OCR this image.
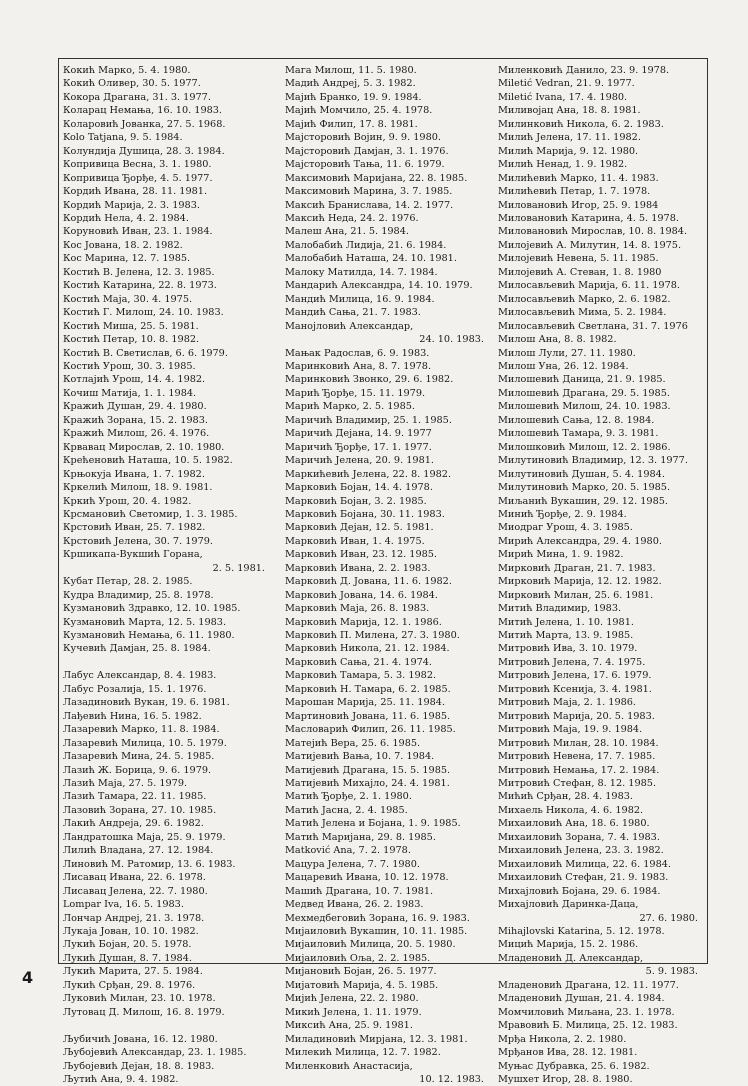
Кокић Марко, 5. 4. 1980.
Кокић Оливер, 30. 5. 1977.
Кокора Драгана, 31. 3. 1977.
Коларац Немања, 16. 10. 1983.
Коларовић Јованка, 27. 5. 1968.
Kolo Tatjana, 9. 5. 1984.
Колундија Душица, 28. 3. 1984.
Копривица Весна, 3. 1. 1980.
Копривица Ђорђе, 4. 5. 1977.
Кордић Ивана, 28. 11. 1981.
Кордић Марија, 2. 3. 1983.
Кордић Нела, 4. 2. 1984.
Коруновић Иван, 23. 1. 1984.
Кос Јована, 18. 2. 1982.
Кос Марина, 12. 7. 1985.
Костић В. Јелена, 12. 3. 1985.
Костић Катарина, 22. 8. 1973.
Костић Маја, 30. 4. 1975.
Костић Г. Милош, 24. 10. 1983.
Костић Миша, 25. 5. 1981.
Костић Петар, 10. 8. 1982.
Костић В. Светислав, 6. 6. 1979.
Костић Урош, 30. 3. 1985.
Котлајић Урош, 14. 4. 1982.
Кочиш Матија, 1. 1. 1984.
Кражић Душан, 29. 4. 1980.
Крaжић Зорана, 15. 2. 1983.
Крaжић Милош, 26. 4. 1976.
Крвавац Мирослав, 2. 10. 1980.
Крећеновић Наташа, 10. 5. 1982.
Крњокуја Ивана, 1. 7. 1982.
Кркелић Милош, 18. 9. 1981.
Кркић Урош, 20. 4. 1982.
Крсмановић Светомир, 1. 3. 1985.
Крстовић Иван, 25. 7. 1982.
Крстовић Јелена, 30. 7. 1979.
Кршикапа-Вукшић Горана,
2. 5. 1981.
Кубат Петар, 28. 2. 1985.
Кудра Владимир, 25. 8. 1978.
Кузмановић Здравко, 12. 10. 1985.
Кузмановић Марта, 12. 5. 1983.
Кузмановић Немања, 6. 11. 1980.
Кучевић Дамјан, 25. 8. 1984.
Лабус Александар, 8. 4. 1983.
Лабус Розалија, 15. 1. 1976.
Лазадиновић Вукан, 19. 6. 1981.
Лађевић Нина, 16. 5. 1982.
Лазаревић Марко, 11. 8. 1984.
Лазаревић Милица, 10. 5. 1979.
Лазаревић Мина, 24. 5. 1985.
Лазић Ж. Борица, 9. 6. 1979.
Лазић Маја, 27. 5. 1979.
Лазић Тамара, 22. 11. 1985.
Лазовић Зорана, 27. 10. 1985.
Лакић Андреја, 29. 6. 1982.
Ландратошка Маја, 25. 9. 1979.
Лилић Владана, 27. 12. 1984.
Линовић М. Ратомир, 13. 6. 1983.
Лисавац Ивана, 22. 6. 1978.
Лисавац Јелена, 22. 7. 1980.
Lompar Iva, 16. 5. 1983.
Лончар Андреј, 21. 3. 1978.
Лукаја Јован, 10. 10. 1982.
Лукић Бојан, 20. 5. 1978.
Лукић Душан, 8. 7. 1984.
Лукић Марита, 27. 5. 1984.
Лукић Срђан, 29. 8. 1976.
Луковић Милан, 23. 10. 1978.
Лутовац Д. Милош, 16. 8. 1979.
Љубичић Јована, 16. 12. 1980.
Љубојевић Александар, 23. 1. 1985.
Љубојевић Дејан, 18. 8. 1983.
Љутић Ана, 9. 4. 1982.
Мага Милош, 11. 5. 1980.
Мадић Андреј, 5. 3. 1982.
Мајић Бранко, 19. 9. 1984.
Мајић Момчило, 25. 4. 1978.
Мајић Филип, 17. 8. 1981.
Мајсторовић Војин, 9. 9. 1980.
Мајсторовић Дамјан, 3. 1. 1976.
Мајсторовић Тања, 11. 6. 1979.
Максимовић Маријана, 22. 8. 1985.
Максимовић Марина, 3. 7. 1985.
Максић Бранислава, 14. 2. 1977.
Максић Неда, 24. 2. 1976.
Малеш Ана, 21. 5. 1984.
Малобабић Лидија, 21. 6. 1984.
Малобабић Наташа, 24. 10. 1981.
Малоку Матилда, 14. 7. 1984.
Мандарић Александра, 14. 10. 1979.
Мандић Милица, 16. 9. 1984.
Мандић Сања, 21. 7. 1983.
Манојловић Александар,
24. 10. 1983.
Мањак Радослав, 6. 9. 1983.
Маринковић Ана, 8. 7. 1978.
Маринковић Звонко, 29. 6. 1982.
Марић Ђорђе, 15. 11. 1979.
Марић Марко, 2. 5. 1985.
Маричић Владимир, 25. 1. 1985.
Маричић Дејана, 14. 9. 1977
Маричић Ђорђе, 17. 1. 1977.
Маричић Јелена, 20. 9. 1981.
Маркићевић Јелена, 22. 8. 1982.
Марковић Бојан, 14. 4. 1978.
Марковић Бојан, 3. 2. 1985.
Марковић Бојана, 30. 11. 1983.
Марковић Дејан, 12. 5. 1981.
Марковић Иван, 1. 4. 1975.
Марковић Иван, 23. 12. 1985.
Марковић Ивана, 2. 2. 1983.
Марковић Д. Јована, 11. 6. 1982.
Марковић Јована, 14. 6. 1984.
Марковић Маја, 26. 8. 1983.
Марковић Марија, 12. 1. 1986.
Марковић П. Милена, 27. 3. 1980.
Марковић Никола, 21. 12. 1984.
Марковић Сања, 21. 4. 1974.
Марковић Тамара, 5. 3. 1982.
Марковић Н. Тамара, 6. 2. 1985.
Марошан Марија, 25. 11. 1984.
Мартиновић Јована, 11. 6. 1985.
Масловарић Филип, 26. 11. 1985.
Матејић Вера, 25. 6. 1985.
Матијевић Вања, 10. 7. 1984.
Матијевић Драгана, 15. 5. 1985.
Матијевић Михајло, 24. 4. 1981.
Матић Ђорђе, 2. 1. 1980.
Матић Јасна, 2. 4. 1985.
Матић Јелена и Бојана, 1. 9. 1985.
Матић Маријана, 29. 8. 1985.
Matković Ana, 7. 2. 1978.
Мацура Јелена, 7. 7. 1980.
Мацаревић Ивана, 10. 12. 1978.
Машић Драгана, 10. 7. 1981.
Медвед Ивана, 26. 2. 1983.
Мехмедбеговић Зорана, 16. 9. 1983.
Мијаиловић Вукашин, 10. 11. 1985.
Мијаиловић Милица, 20. 5. 1980.
Мијаиловић Оља, 2. 2. 1985.
Мијановић Бојан, 26. 5. 1977.
Мијатовић Марија, 4. 5. 1985.
Мијић Јелена, 22. 2. 1980.
Микић Јелена, 1. 11. 1979.
Миксић Ана, 25. 9. 1981.
Миладиновић Мирјана, 12. 3. 1981.
Милекић Милица, 12. 7. 1982.
Миленковић Анастасија,
10. 12. 1983.
Миленковић Данило, 23. 9. 1978.
Miletić Vedran, 21. 9. 1977.
Miletić Ivana, 17. 4. 1980.
Миливојац Ана, 18. 8. 1981.
Милинковић Никола, 6. 2. 1983.
Милић Јелена, 17. 11. 1982.
Милић Марија, 9. 12. 1980.
Милић Ненад, 1. 9. 1982.
Милићевић Марко, 11. 4. 1983.
Милићевић Петар, 1. 7. 1978.
Милованoвић Игор, 25. 9. 1984
Миловановић Катарина, 4. 5. 1978.
Миловановић Мирослав, 10. 8. 1984.
Милојевић А. Милутин, 14. 8. 1975.
Милојевић Невена, 5. 11. 1985.
Милојевић А. Стеван, 1. 8. 1980
Милосављевић Марија, 6. 11. 1978.
Милосављевић Марко, 2. 6. 1982.
Милосављевић Мима, 5. 2. 1984.
Милосављевић Светлана, 31. 7. 1976
Милош Ана, 8. 8. 1982.
Милош Лули, 27. 11. 1980.
Милош Уна, 26. 12. 1984.
Милошевић Даница, 21. 9. 1985.
Милошевић Драгана, 29. 5. 1985.
Милошевић Милош, 24. 10. 1983.
Милошевић Сања, 12. 8. 1984.
Милошевић Тамара, 9. 3. 1981.
Милошковић Милош, 12. 2. 1986.
Милутиновић Владимир, 12. 3. 1977.
Милутиновић Душан, 5. 4. 1984.
Милутиновић Марко, 20. 5. 1985.
Миљанић Вукашин, 29. 12. 1985.
Минић Ђорђе, 2. 9. 1984.
Миодраг Урош, 4. 3. 1985.
Мирић Александра, 29. 4. 1980.
Мирић Мина, 1. 9. 1982.
Мирковић Драган, 21. 7. 1983.
Мирковић Марија, 12. 12. 1982.
Мирковић Милан, 25. 6. 1981.
Митић Владимир, 1983.
Митић Јелена, 1. 10. 1981.
Митић Марта, 13. 9. 1985.
Митровић Ива, 3. 10. 1979.
Митровић Јелена, 7. 4. 1975.
Митровић Јелена, 17. 6. 1979.
Митровић Ксенија, 3. 4. 1981.
Митровић Маја, 2. 1. 1986.
Митровић Марија, 20. 5. 1983.
Митровић Маја, 19. 9. 1984.
Митровић Милан, 28. 10. 1984.
Митровић Невена, 17. 7. 1985.
Митровић Немања, 17. 2. 1984.
Митровић Стефан, 8. 12. 1985.
Мићић Срђан, 28. 4. 1983.
Михаель Никола, 4. 6. 1982.
Михаиловић Ана, 18. 6. 1980.
Михаиловић Зорана, 7. 4. 1983.
Михаиловић Јелена, 23. 3. 1982.
Михаиловић Милица, 22. 6. 1984.
Михаиловић Стефан, 21. 9. 1983.
Михајловић Бојана, 29. 6. 1984.
Михајловић Даринка-Даца,
27. 6. 1980.
Mihajlovski Katarina, 5. 12. 1978.
Мицић Марија, 15. 2. 1986.
Младеновић Д. Александар,
5. 9. 1983.
Младеновић Драгана, 12. 11. 1977.
Младеновић Душан, 21. 4. 1984.
Момчиловић Миљана, 23. 1. 1978.
Мравовић Б. Милица, 25. 12. 1983.
Мрђа Никола, 2. 2. 1980.
Мрђанов Ива, 28. 12. 1981.
Муњас Дубравка, 25. 6. 1982.
Мушхет Игор, 28. 8. 1980.
4
